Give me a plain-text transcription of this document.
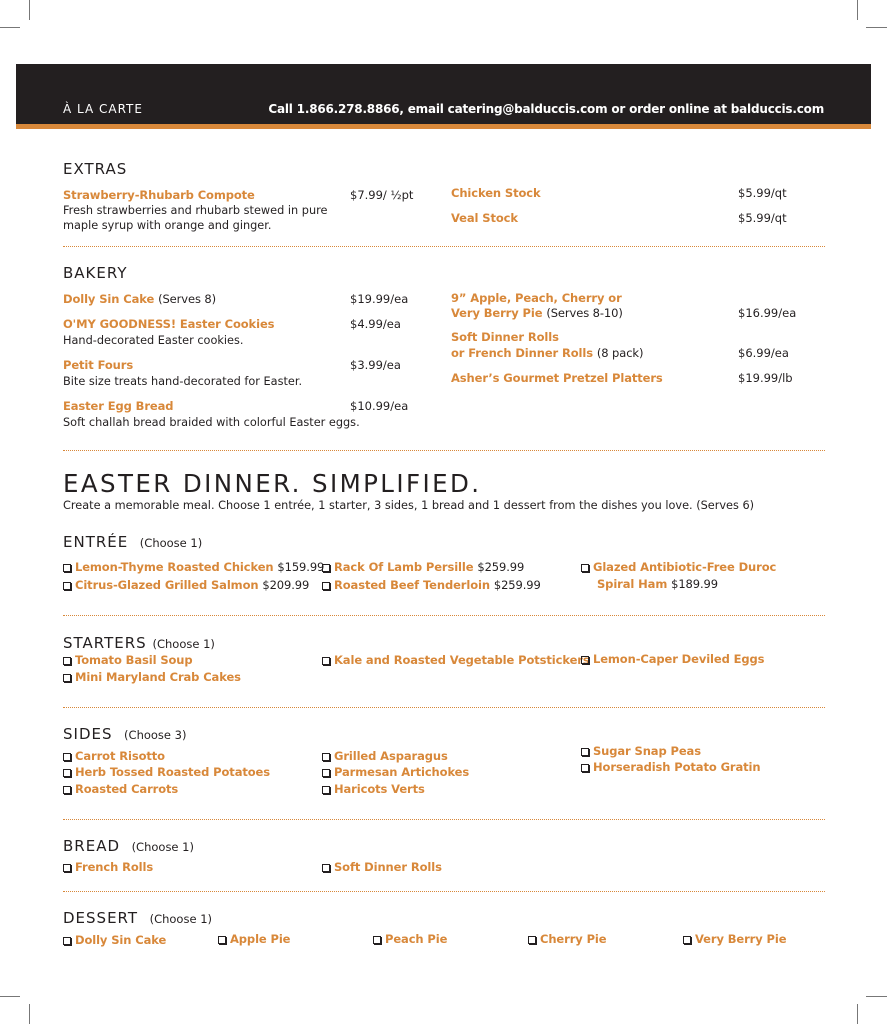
À LA CARTE	Call 1.866.278.8866, email catering@balduccis.com or order online at balduccis.com
EXTRAS
Strawberry-Rhubarb Compote	$7.99/ ½pt
Fresh strawberries and rhubarb stewed in pure
maple syrup with orange and ginger.
Chicken Stock	$5.99/qt
Veal Stock	$5.99/qt
BAKERY
Dolly Sin Cake (Serves 8)	$19.99/ea
O'MY GOODNESS! Easter Cookies	$4.99/ea
Hand-decorated Easter cookies.
Petit Fours	$3.99/ea
Bite size treats hand-decorated for Easter.
Easter Egg Bread	$10.99/ea
Soft challah bread braided with colorful Easter eggs.
9” Apple, Peach, Cherry or
Very Berry Pie (Serves 8-10)	$16.99/ea
Soft Dinner Rolls
or French Dinner Rolls (8 pack)	$6.99/ea
Asher’s Gourmet Pretzel Platters	$19.99/lb
EASTER DINNER. SIMPLIFIED.
Create a memorable meal. Choose 1 entrée, 1 starter, 3 sides, 1 bread and 1 dessert from the dishes you love. (Serves 6)
ENTRÉE (Choose 1)
Lemon-Thyme Roasted Chicken $159.99
Citrus-Glazed Grilled Salmon $209.99
Rack Of Lamb Persille $259.99
Roasted Beef Tenderloin $259.99
Glazed Antibiotic-Free Duroc
Spiral Ham $189.99
STARTERS (Choose 1)
Tomato Basil Soup
Mini Maryland Crab Cakes
Kale and Roasted Vegetable Potstickers Lemon-Caper Deviled Eggs
SIDES (Choose 3)
Carrot Risotto
Herb Tossed Roasted Potatoes
Roasted Carrots
Grilled Asparagus
Parmesan Artichokes
Haricots Verts
Sugar Snap Peas
Horseradish Potato Gratin
BREAD (Choose 1)
French Rolls	Soft Dinner Rolls
DESSERT (Choose 1)
Dolly Sin Cake	Apple Pie	Peach Pie	Cherry Pie	Very Berry Pie
